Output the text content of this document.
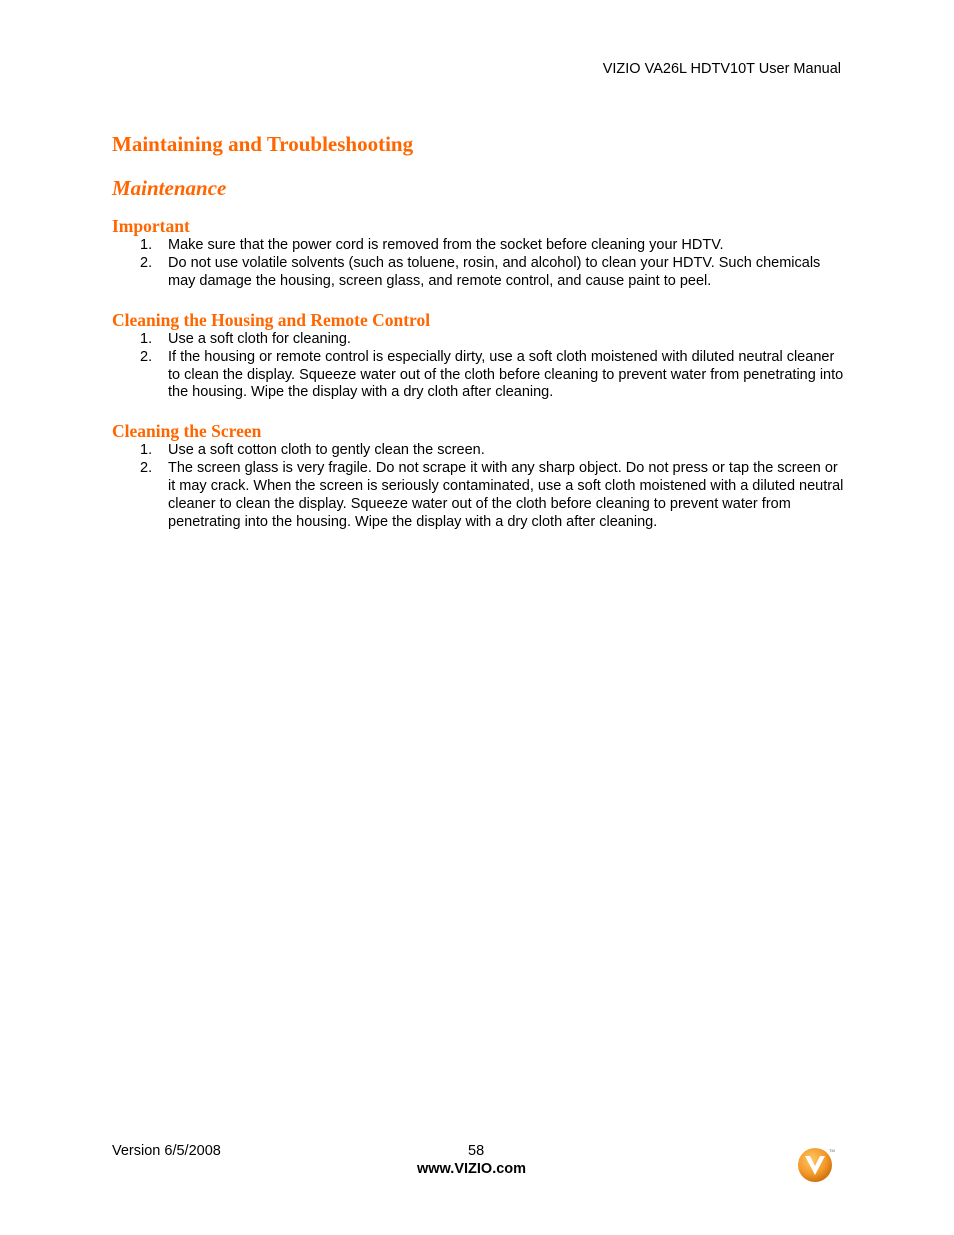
VIZIO VA26L HDTV10T User Manual
Maintaining and Troubleshooting
Maintenance
Important
1. Make sure that the power cord is removed from the socket before cleaning your HDTV.
2. Do not use volatile solvents (such as toluene, rosin, and alcohol) to clean your HDTV. Such chemicals may damage the housing, screen glass, and remote control, and cause paint to peel.
Cleaning the Housing and Remote Control
1. Use a soft cloth for cleaning.
2. If the housing or remote control is especially dirty, use a soft cloth moistened with diluted neutral cleaner to clean the display. Squeeze water out of the cloth before cleaning to prevent water from penetrating into the housing. Wipe the display with a dry cloth after cleaning.
Cleaning the Screen
1. Use a soft cotton cloth to gently clean the screen.
2. The screen glass is very fragile. Do not scrape it with any sharp object. Do not press or tap the screen or it may crack. When the screen is seriously contaminated, use a soft cloth moistened with a diluted neutral cleaner to clean the display. Squeeze water out of the cloth before cleaning to prevent water from penetrating into the housing. Wipe the display with a dry cloth after cleaning.
Version 6/5/2008	58
www.VIZIO.com
TM
